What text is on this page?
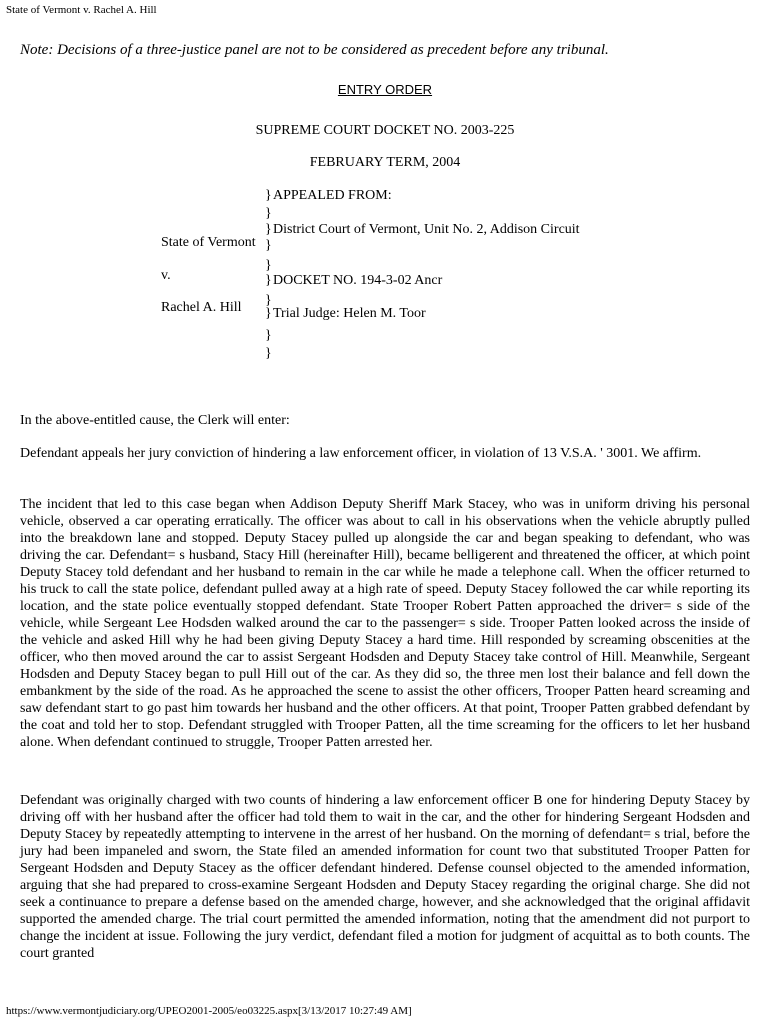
State of Vermont v. Rachel A. Hill
Note: Decisions of a three-justice panel are not to be considered as precedent before any tribunal.
ENTRY ORDER
SUPREME COURT DOCKET NO. 2003-225
FEBRUARY TERM, 2004
} APPEALED FROM:
}
} District Court of Vermont, Unit No. 2, Addison Circuit
State of Vermont }
v.
}
} DOCKET NO. 194-3-02 Ancr
Rachel A. Hill }
} Trial Judge: Helen M. Toor
}
}

In the above-entitled cause, the Clerk will enter:

Defendant appeals her jury conviction of hindering a law enforcement officer, in violation of 13 V.S.A. ' 3001. We affirm.

The incident that led to this case began when Addison Deputy Sheriff Mark Stacey, who was in uniform driving his personal vehicle, observed a car operating erratically. The officer was about to call in his observations when the vehicle abruptly pulled into the breakdown lane and stopped. Deputy Stacey pulled up alongside the car and began speaking to defendant, who was driving the car. Defendant= s husband, Stacy Hill (hereinafter Hill), became belligerent and threatened the officer, at which point Deputy Stacey told defendant and her husband to remain in the car while he made a telephone call. When the officer returned to his truck to call the state police, defendant pulled away at a high rate of speed. Deputy Stacey followed the car while reporting its location, and the state police eventually stopped defendant. State Trooper Robert Patten approached the driver= s side of the vehicle, while Sergeant Lee Hodsden walked around the car to the passenger= s side. Trooper Patten looked across the inside of the vehicle and asked Hill why he had been giving Deputy Stacey a hard time. Hill responded by screaming obscenities at the officer, who then moved around the car to assist Sergeant Hodsden and Deputy Stacey take control of Hill. Meanwhile, Sergeant Hodsden and Deputy Stacey began to pull Hill out of the car. As they did so, the three men lost their balance and fell down the embankment by the side of the road. As he approached the scene to assist the other officers, Trooper Patten heard screaming and saw defendant start to go past him towards her husband and the other officers. At that point, Trooper Patten grabbed defendant by the coat and told her to stop. Defendant struggled with Trooper Patten, all the time screaming for the officers to let her husband alone. When defendant continued to struggle, Trooper Patten arrested her.

Defendant was originally charged with two counts of hindering a law enforcement officer B one for hindering Deputy Stacey by driving off with her husband after the officer had told them to wait in the car, and the other for hindering Sergeant Hodsden and Deputy Stacey by repeatedly attempting to intervene in the arrest of her husband. On the morning of defendant= s trial, before the jury had been impaneled and sworn, the State filed an amended information for count two that substituted Trooper Patten for Sergeant Hodsden and Deputy Stacey as the officer defendant hindered. Defense counsel objected to the amended information, arguing that she had prepared to cross-examine Sergeant Hodsden and Deputy Stacey regarding the original charge. She did not seek a continuance to prepare a defense based on the amended charge, however, and she acknowledged that the original affidavit supported the amended charge. The trial court permitted the amended information, noting that the amendment did not purport to change the incident at issue. Following the jury verdict, defendant filed a motion for judgment of acquittal as to both counts. The court granted

https://www.vermontjudiciary.org/UPEO2001-2005/eo03225.aspx[3/13/2017 10:27:49 AM]
